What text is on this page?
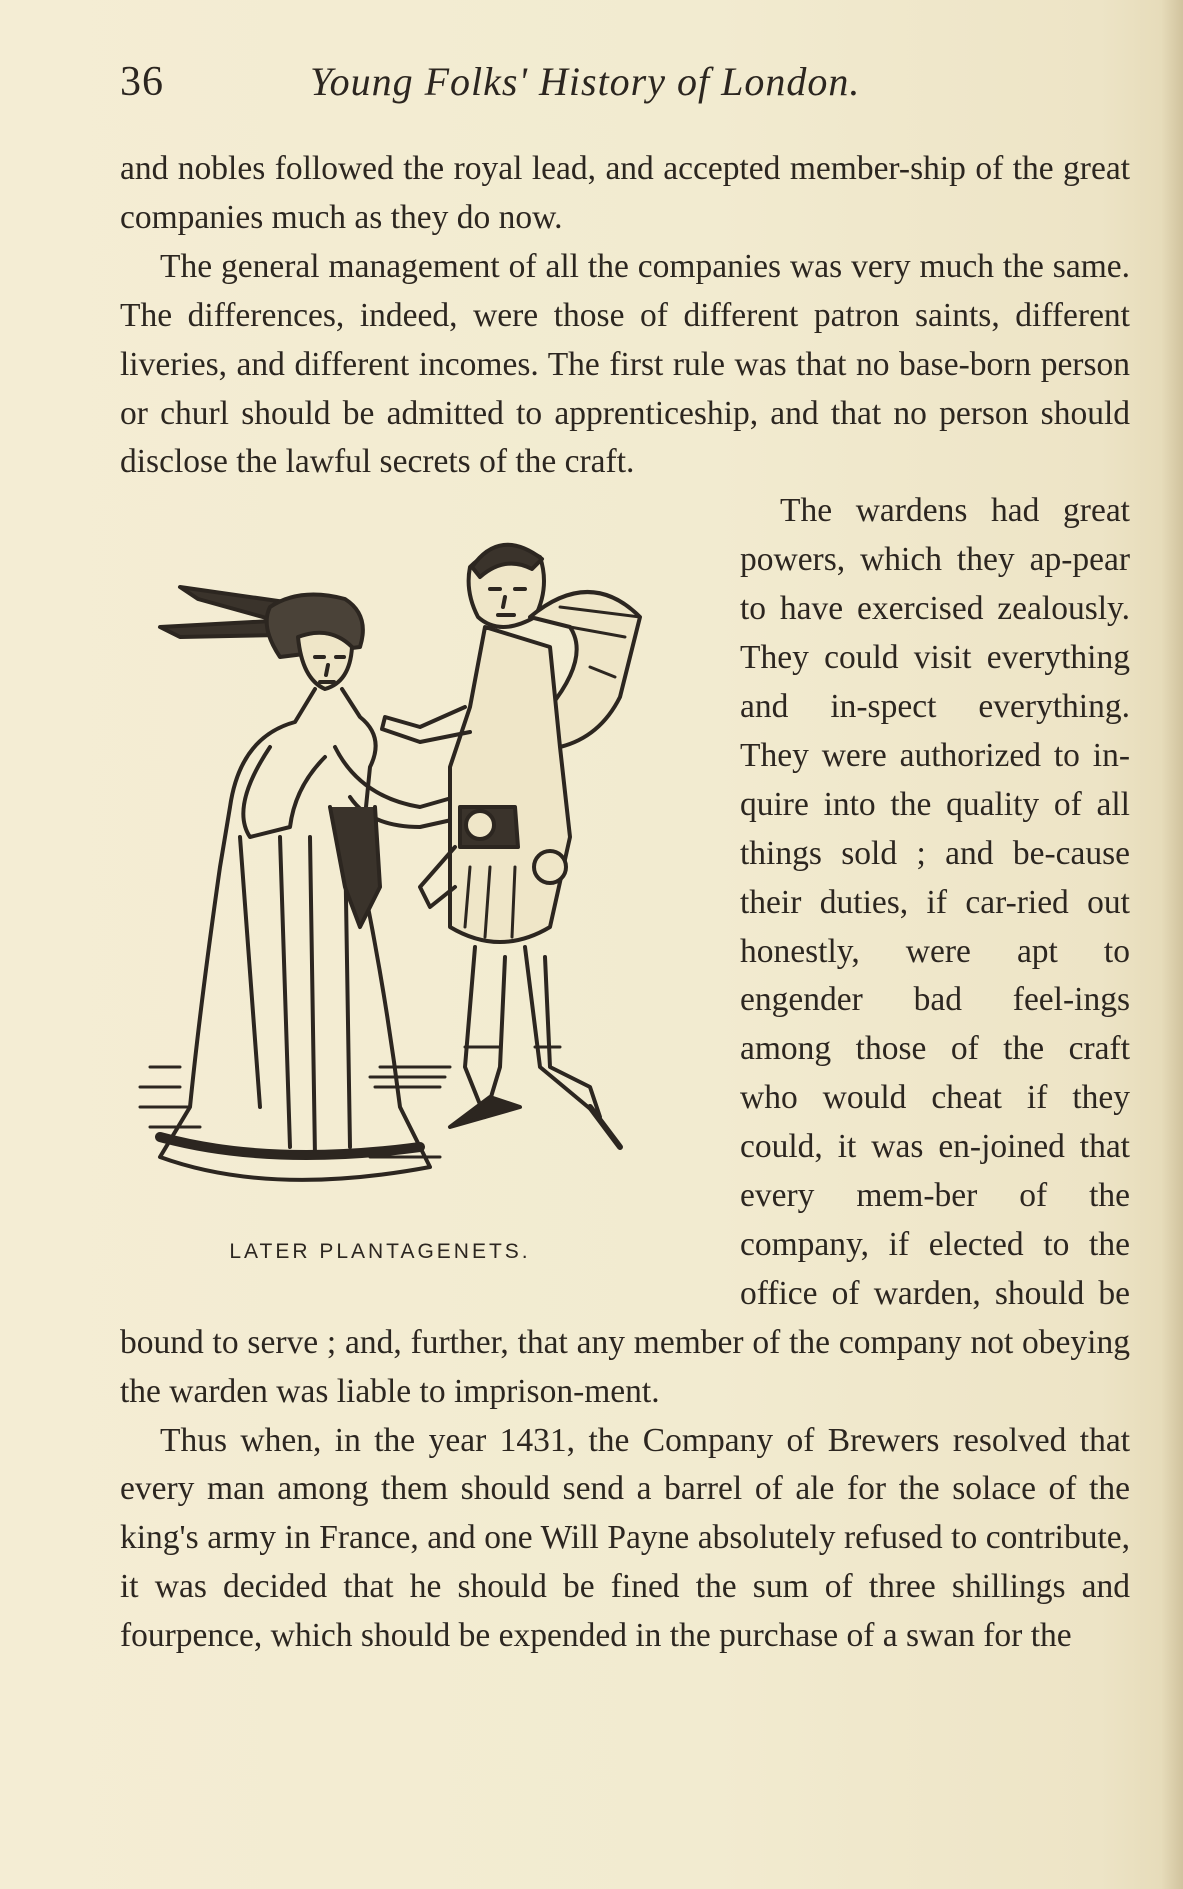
36	Young Folks' History of London.

and nobles followed the royal lead, and accepted member-ship of the great companies much as they do now.

The general management of all the companies was very much the same. The differences, indeed, were those of different patron saints, different liveries, and different incomes. The first rule was that no base-born person or churl should be admitted to apprenticeship, and that no person should disclose the lawful secrets of the craft.

The wardens had great powers, which they ap-pear to have exercised zealously. They could visit everything and in-spect everything. They were authorized to in-quire into the quality of all things sold ; and be-cause their duties, if car-ried out honestly, were apt to engender bad feel-ings among those of the craft who would cheat if they could, it was en-joined that every mem-ber of the company, if elected to the office of warden, should be bound to serve ; and, further, that any member of the company not obeying the warden was liable to imprison-ment.

Thus when, in the year 1431, the Company of Brewers resolved that every man among them should send a barrel of ale for the solace of the king's army in France, and one Will Payne absolutely refused to contribute, it was decided that he should be fined the sum of three shillings and fourpence, which should be expended in the purchase of a swan for the

LATER PLANTAGENETS.
